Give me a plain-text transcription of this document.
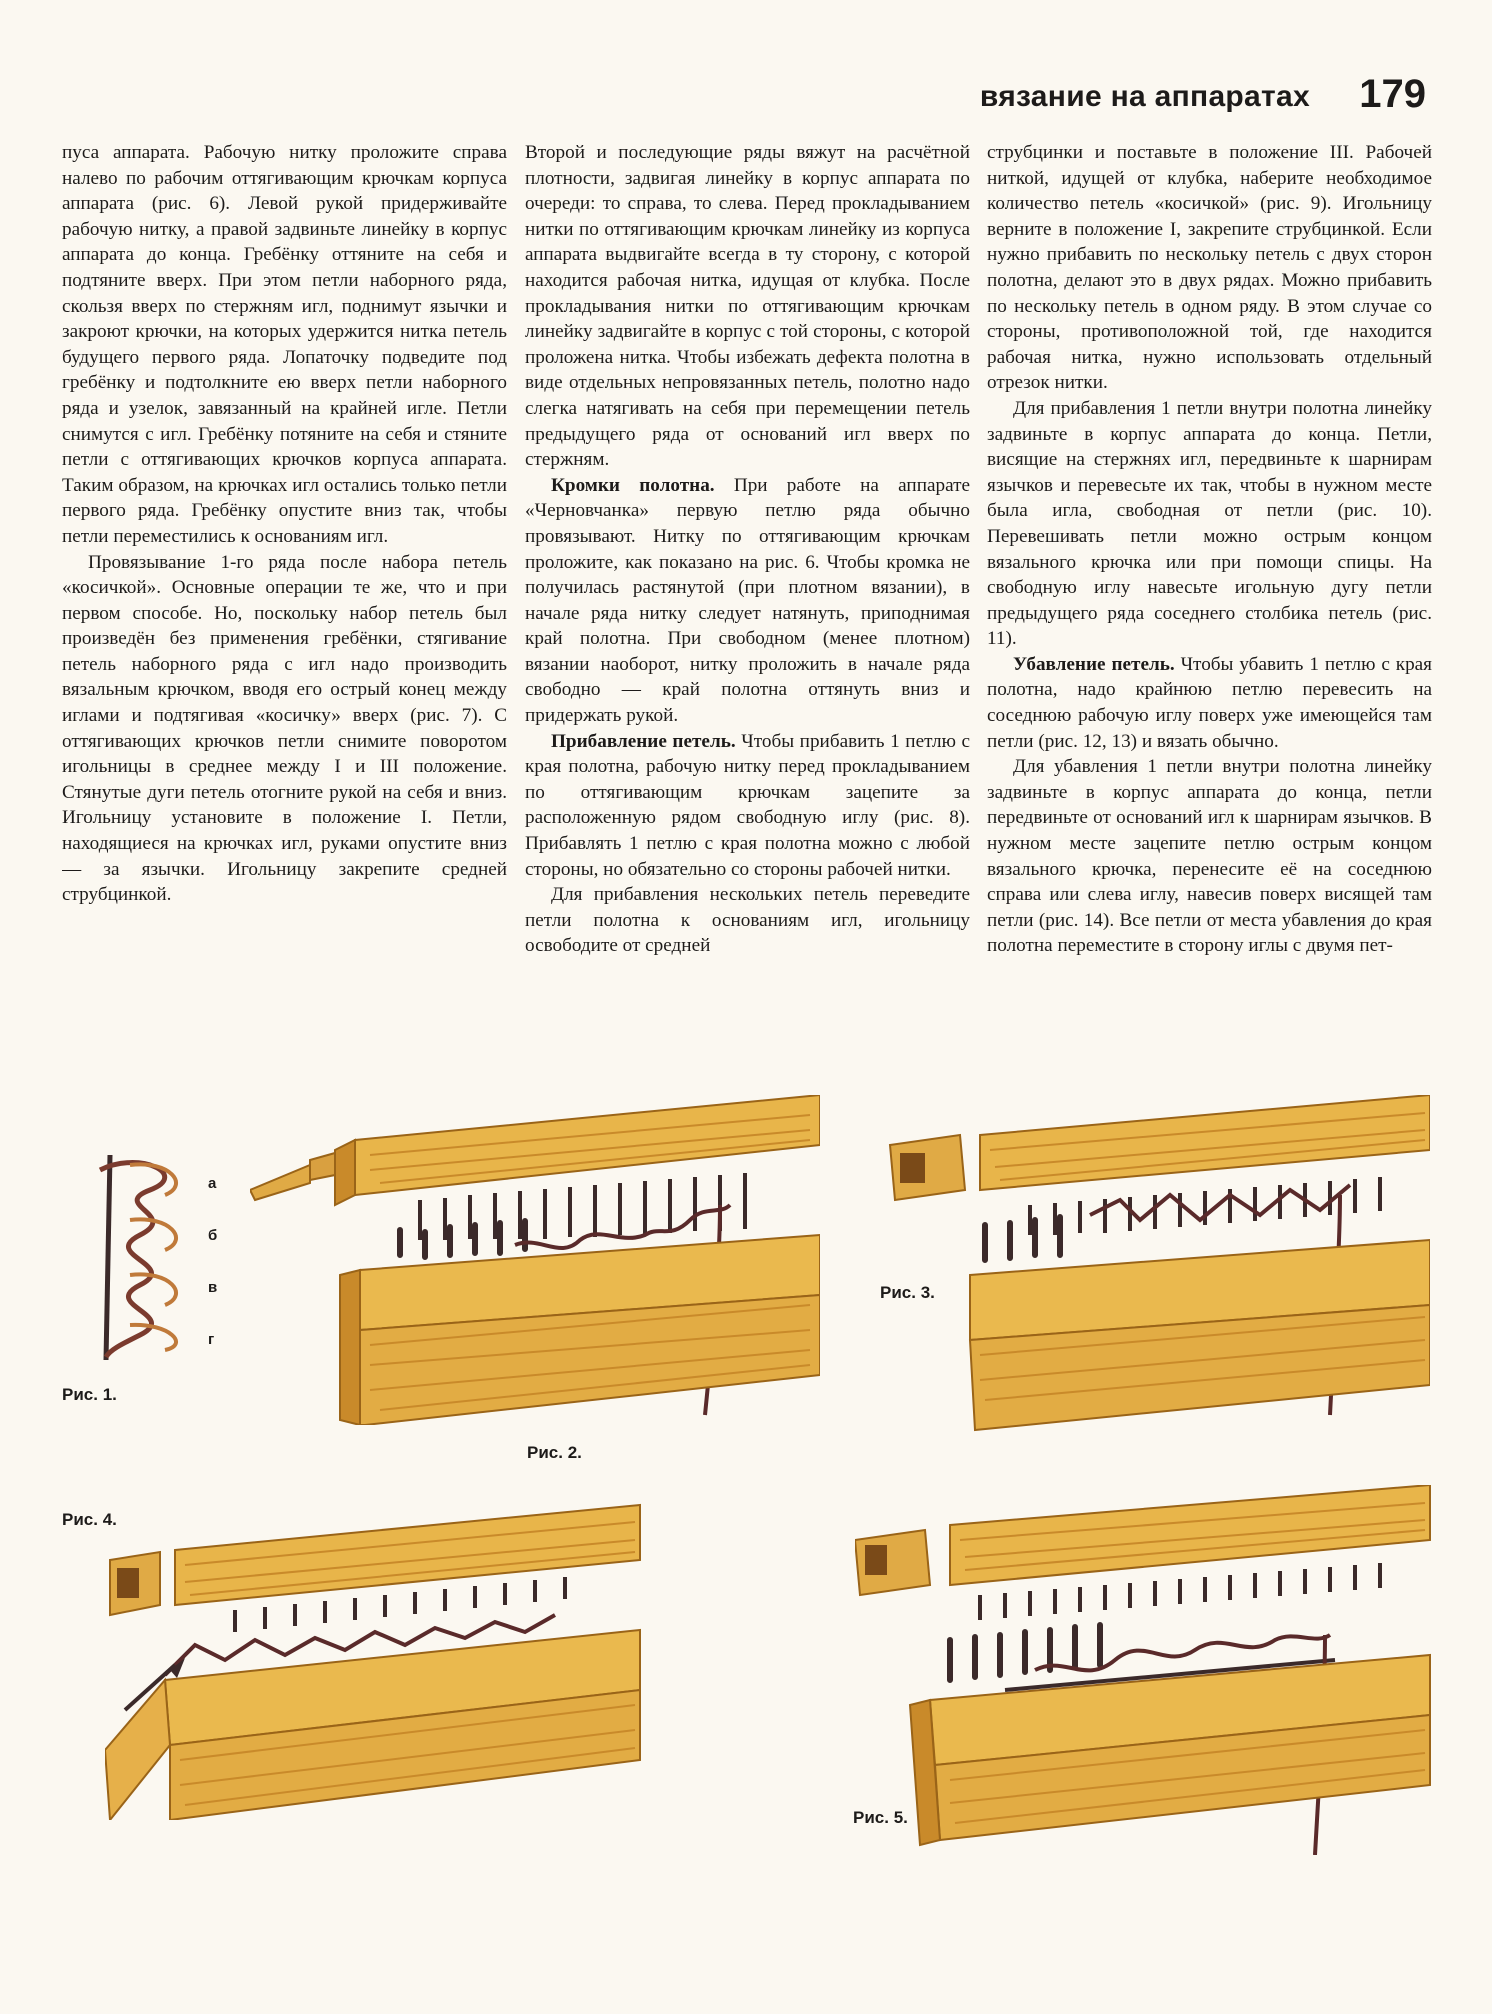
вязание на аппаратах 179

пуса аппарата. Рабочую нитку проложите справа налево по рабочим оттягивающим крючкам корпуса аппарата (рис. 6). Левой рукой придерживайте рабочую нитку, а правой задвиньте линейку в корпус аппарата до конца. Гребёнку оттяните на себя и подтяните вверх. При этом петли наборного ряда, скользя вверх по стержням игл, поднимут язычки и закроют крючки, на которых удержится нитка петель будущего первого ряда. Лопаточку подведите под гребёнку и подтолкните ею вверх петли наборного ряда и узелок, завязанный на крайней игле. Петли снимутся с игл. Гребёнку потяните на себя и стяните петли с оттягивающих крючков корпуса аппарата. Таким образом, на крючках игл остались только петли первого ряда. Гребёнку опустите вниз так, чтобы петли переместились к основаниям игл.

Провязывание 1-го ряда после набора петель «косичкой». Основные операции те же, что и при первом способе. Но, поскольку набор петель был произведён без применения гребёнки, стягивание петель наборного ряда с игл надо производить вязальным крючком, вводя его острый конец между иглами и подтягивая «косичку» вверх (рис. 7). С оттягивающих крючков петли снимите поворотом игольницы в среднее между I и III положение. Стянутые дуги петель отогните рукой на себя и вниз. Игольницу установите в положение I. Петли, находящиеся на крючках игл, руками опустите вниз — за язычки. Игольницу закрепите средней струбцинкой.

Второй и последующие ряды вяжут на расчётной плотности, задвигая линейку в корпус аппарата по очереди: то справа, то слева. Перед прокладыванием нитки по оттягивающим крючкам линейку из корпуса аппарата выдвигайте всегда в ту сторону, с которой находится рабочая нитка, идущая от клубка. После прокладывания нитки по оттягивающим крючкам линейку задвигайте в корпус с той стороны, с которой проложена нитка. Чтобы избежать дефекта полотна в виде отдельных непровязанных петель, полотно надо слегка натягивать на себя при перемещении петель предыдущего ряда от оснований игл вверх по стержням.

Кромки полотна. При работе на аппарате «Черновчанка» первую петлю ряда обычно провязывают. Нитку по оттягивающим крючкам проложите, как показано на рис. 6. Чтобы кромка не получилась растянутой (при плотном вязании), в начале ряда нитку следует натянуть, приподнимая край полотна. При свободном (менее плотном) вязании наоборот, нитку проложить в начале ряда свободно — край полотна оттянуть вниз и придержать рукой.

Прибавление петель. Чтобы прибавить 1 петлю с края полотна, рабочую нитку перед прокладыванием по оттягивающим крючкам зацепите за расположенную рядом свободную иглу (рис. 8). Прибавлять 1 петлю с края полотна можно с любой стороны, но обязательно со стороны рабочей нитки.

Для прибавления нескольких петель переведите петли полотна к основаниям игл, игольницу освободите от средней

струбцинки и поставьте в положение III. Рабочей ниткой, идущей от клубка, наберите необходимое количество петель «косичкой» (рис. 9). Игольницу верните в положение I, закрепите струбцинкой. Если нужно прибавить по нескольку петель с двух сторон полотна, делают это в двух рядах. Можно прибавить по нескольку петель в одном ряду. В этом случае со стороны, противоположной той, где находится рабочая нитка, нужно использовать отдельный отрезок нитки.

Для прибавления 1 петли внутри полотна линейку задвиньте в корпус аппарата до конца. Петли, висящие на стержнях игл, передвиньте к шарнирам язычков и перевесьте их так, чтобы в нужном месте была игла, свободная от петли (рис. 10). Перевешивать петли можно острым концом вязального крючка или при помощи спицы. На свободную иглу навесьте игольную дугу петли предыдущего ряда соседнего столбика петель (рис. 11).

Убавление петель. Чтобы убавить 1 петлю с края полотна, надо крайнюю петлю перевесить на соседнюю рабочую иглу поверх уже имеющейся там петли (рис. 12, 13) и вязать обычно.

Для убавления 1 петли внутри полотна линейку задвиньте в корпус аппарата до конца, петли передвиньте от оснований игл к шарнирам язычков. В нужном месте зацепите петлю острым концом вязального крючка, перенесите её на соседнюю справа или слева иглу, навесив поверх висящей там петли (рис. 14). Все петли от места убавления до края полотна переместите в сторону иглы с двумя пет-

а
б
в
г
Рис. 1.
Рис. 2.
Рис. 3.
Рис. 4.
Рис. 5.
